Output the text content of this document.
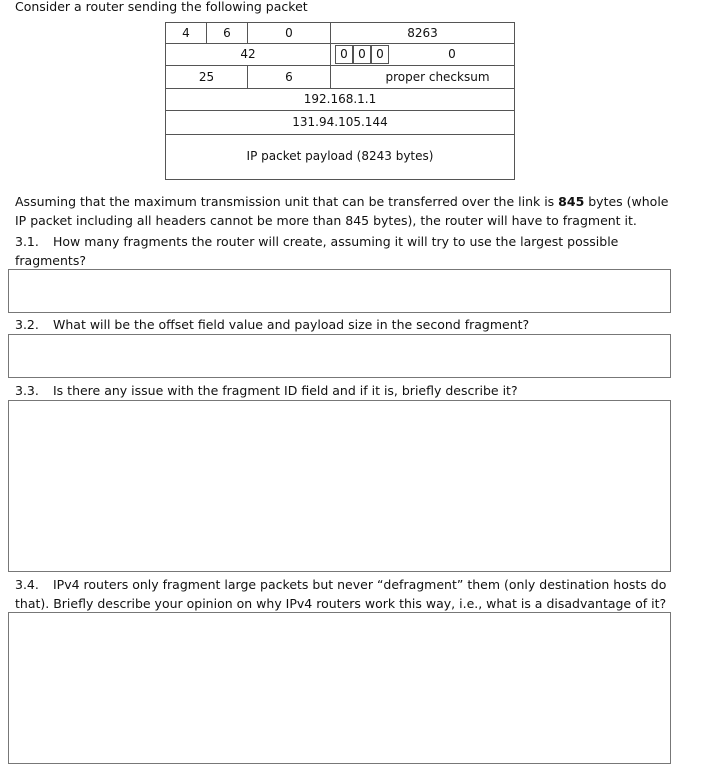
Consider a router sending the following packet
4	6	0	8263
42	0 0 0	0
25	6	proper checksum
192.168.1.1
131.94.105.144
IP packet payload (8243 bytes)
Assuming that the maximum transmission unit that can be transferred over the link is 845 bytes (whole IP packet including all headers cannot be more than 845 bytes), the router will have to fragment it.
3.1. How many fragments the router will create, assuming it will try to use the largest possible fragments?
3.2. What will be the offset field value and payload size in the second fragment?
3.3. Is there any issue with the fragment ID field and if it is, briefly describe it?
3.4. IPv4 routers only fragment large packets but never “defragment” them (only destination hosts do that). Briefly describe your opinion on why IPv4 routers work this way, i.e., what is a disadvantage of it?
